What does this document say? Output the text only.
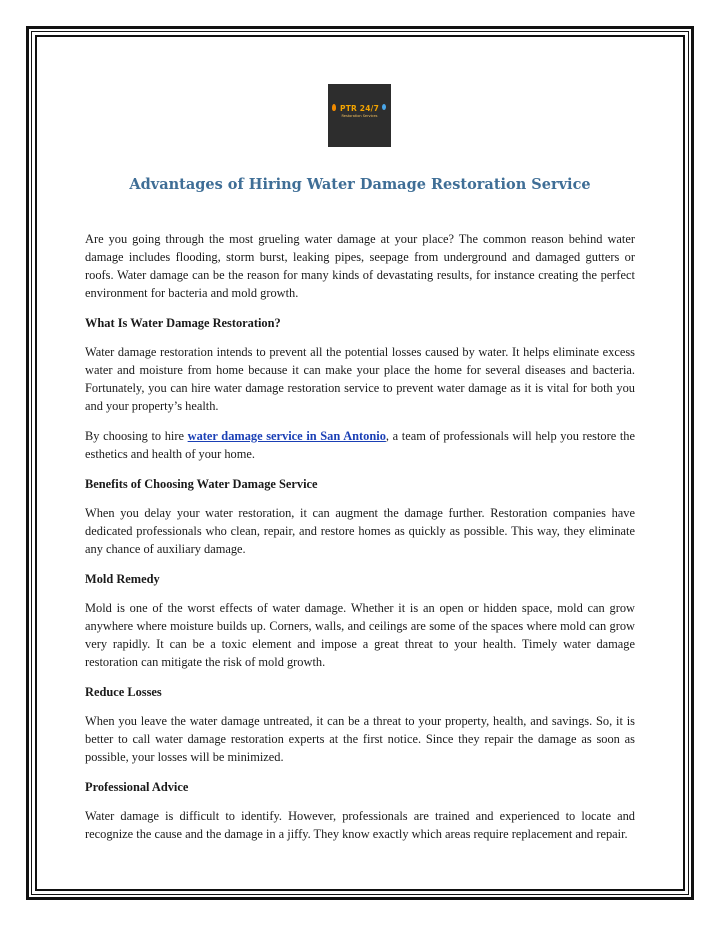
PTR 24/7
Restoration Services
Advantages of Hiring Water Damage Restoration Service

Are you going through the most grueling water damage at your place? The common reason behind water damage includes flooding, storm burst, leaking pipes, seepage from underground and damaged gutters or roofs. Water damage can be the reason for many kinds of devastating results, for instance creating the perfect environment for bacteria and mold growth.

What Is Water Damage Restoration?

Water damage restoration intends to prevent all the potential losses caused by water. It helps eliminate excess water and moisture from home because it can make your place the home for several diseases and bacteria. Fortunately, you can hire water damage restoration service to prevent water damage as it is vital for both you and your property’s health.

By choosing to hire water damage service in San Antonio, a team of professionals will help you restore the esthetics and health of your home.

Benefits of Choosing Water Damage Service

When you delay your water restoration, it can augment the damage further. Restoration companies have dedicated professionals who clean, repair, and restore homes as quickly as possible. This way, they eliminate any chance of auxiliary damage.

Mold Remedy

Mold is one of the worst effects of water damage. Whether it is an open or hidden space, mold can grow anywhere where moisture builds up. Corners, walls, and ceilings are some of the spaces where mold can grow very rapidly. It can be a toxic element and impose a great threat to your health. Timely water damage restoration can mitigate the risk of mold growth.

Reduce Losses

When you leave the water damage untreated, it can be a threat to your property, health, and savings. So, it is better to call water damage restoration experts at the first notice. Since they repair the damage as soon as possible, your losses will be minimized.

Professional Advice

Water damage is difficult to identify. However, professionals are trained and experienced to locate and recognize the cause and the damage in a jiffy. They know exactly which areas require replacement and repair.
